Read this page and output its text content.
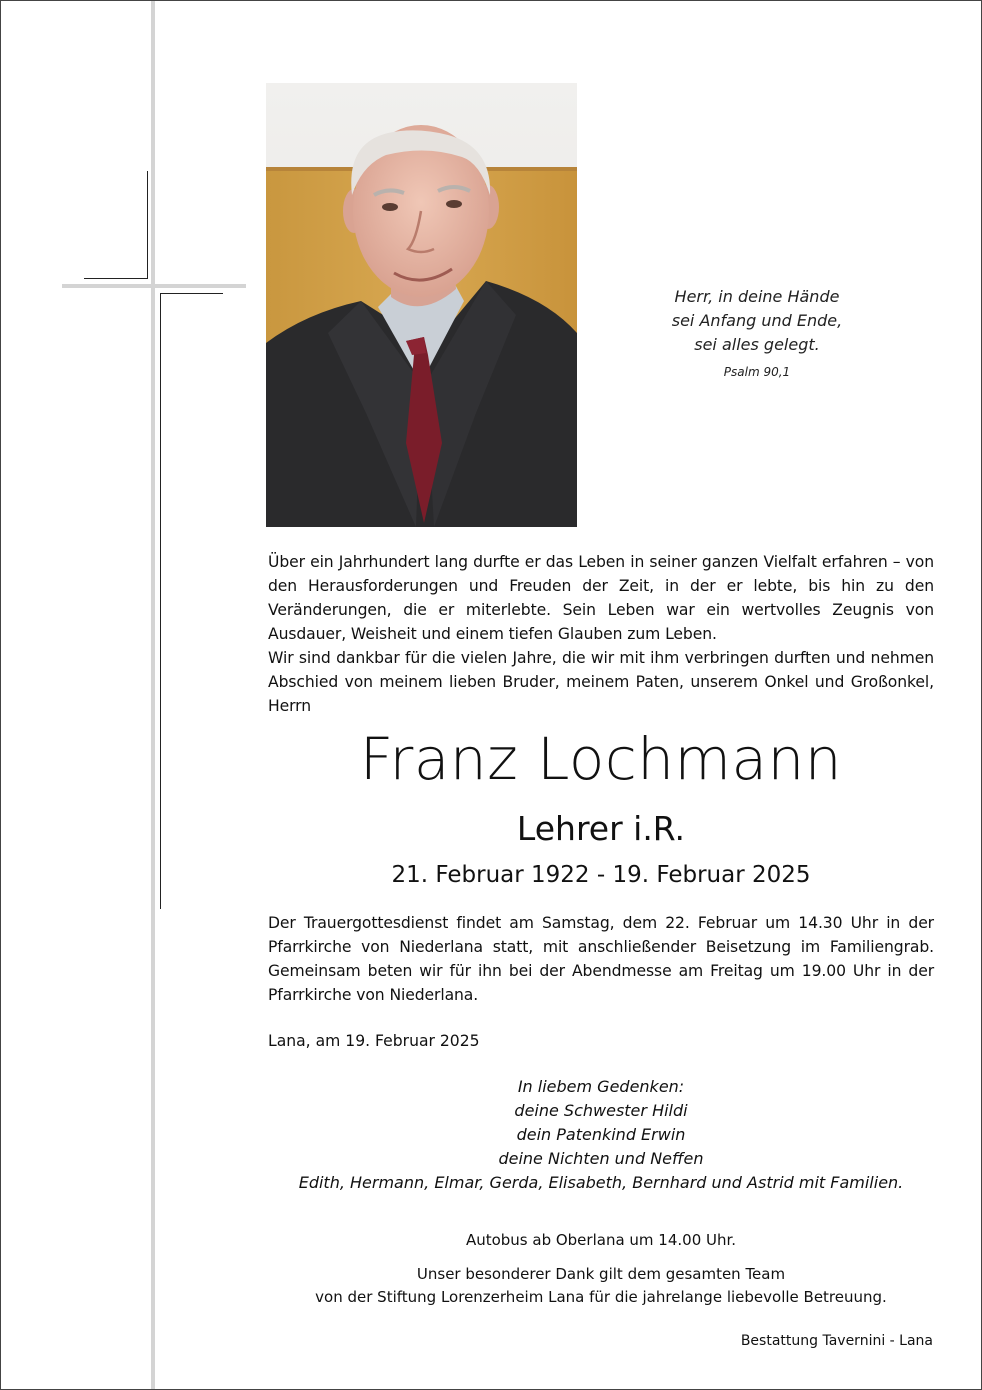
Herr, in deine Hände
sei Anfang und Ende,
sei alles gelegt.
Psalm 90,1

Über ein Jahrhundert lang durfte er das Leben in seiner ganzen Vielfalt erfahren – von den Herausforderungen und Freuden der Zeit, in der er lebte, bis hin zu den Veränderungen, die er miterlebte. Sein Leben war ein wertvolles Zeugnis von Ausdauer, Weisheit und einem tiefen Glauben zum Leben.

Wir sind dankbar für die vielen Jahre, die wir mit ihm verbringen durften und nehmen Abschied von meinem lieben Bruder, meinem Paten, unserem Onkel und Großonkel, Herrn

Franz Lochmann
Lehrer i.R.
21. Februar 1922 - 19. Februar 2025

Der Trauergottesdienst findet am Samstag, dem 22. Februar um 14.30 Uhr in der Pfarrkirche von Niederlana statt, mit anschließender Beisetzung im Familiengrab. Gemeinsam beten wir für ihn bei der Abendmesse am Freitag um 19.00 Uhr in der Pfarrkirche von Niederlana.

Lana, am 19. Februar 2025
In liebem Gedenken:
deine Schwester Hildi
dein Patenkind Erwin
deine Nichten und Neffen
Edith, Hermann, Elmar, Gerda, Elisabeth, Bernhard und Astrid mit Familien.
Autobus ab Oberlana um 14.00 Uhr.
Unser besonderer Dank gilt dem gesamten Team
von der Stiftung Lorenzerheim Lana für die jahrelange liebevolle Betreuung.
Bestattung Tavernini - Lana
